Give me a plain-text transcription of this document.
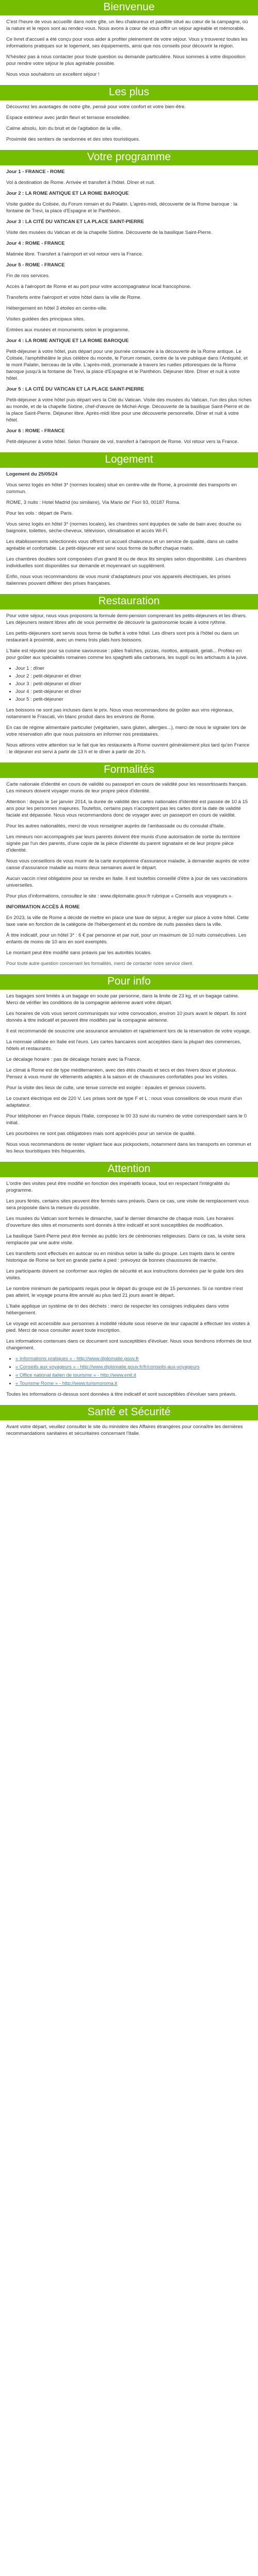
Bienvenue

C'est l'heure de vous accueillir dans notre gîte, un lieu chaleureux et paisible situé au cœur de la campagne, où la nature et le repos sont au rendez-vous. Nous avons à cœur de vous offrir un séjour agréable et mémorable.

Ce livret d'accueil a été conçu pour vous aider à profiter pleinement de votre séjour. Vous y trouverez toutes les informations pratiques sur le logement, ses équipements, ainsi que nos conseils pour découvrir la région.

N'hésitez pas à nous contacter pour toute question ou demande particulière. Nous sommes à votre disposition pour rendre votre séjour le plus agréable possible.

Nous vous souhaitons un excellent séjour !

Les plus

Découvrez les avantages de notre gîte, pensé pour votre confort et votre bien-être.

Espace extérieur avec jardin fleuri et terrasse ensoleillée.

Calme absolu, loin du bruit et de l'agitation de la ville.

Proximité des sentiers de randonnée et des sites touristiques.

Votre programme

Jour 1 - FRANCE - ROME

Vol à destination de Rome. Arrivée et transfert à l'hôtel. Dîner et nuit.

Jour 2 : LA ROME ANTIQUE ET LA ROME BAROQUE

Visite guidée du Colisée, du Forum romain et du Palatin. L'après-midi, découverte de la Rome baroque : la fontaine de Trevi, la place d'Espagne et le Panthéon.

Jour 3 : LA CITÉ DU VATICAN ET LA PLACE SAINT-PIERRE

Visite des musées du Vatican et de la chapelle Sixtine. Découverte de la basilique Saint-Pierre.

Jour 4 : ROME - FRANCE

Matinée libre. Transfert à l'aéroport et vol retour vers la France.

Jour 5 - ROME - FRANCE

Fin de nos services.

Accès à l'aéroport de Rome et au port pour votre accompagnateur local francophone.

Transferts entre l'aéroport et votre hôtel dans la ville de Rome.

Hébergement en hôtel 3 étoiles en centre-ville.

Visites guidées des principaux sites.

Entrées aux musées et monuments selon le programme.

Jour 4 : LA ROME ANTIQUE ET LA ROME BAROQUE

Petit-déjeuner à votre hôtel, puis départ pour une journée consacrée à la découverte de la Rome antique. Le Colisée, l'amphithéâtre le plus célèbre du monde, le Forum romain, centre de la vie publique dans l'Antiquité, et le mont Palatin, berceau de la ville. L'après-midi, promenade à travers les ruelles pittoresques de la Rome baroque jusqu'à la fontaine de Trevi, la place d'Espagne et le Panthéon. Déjeuner libre. Dîner et nuit à votre hôtel.

Jour 5 : LA CITÉ DU VATICAN ET LA PLACE SAINT-PIERRE

Petit-déjeuner à votre hôtel puis départ vers la Cité du Vatican. Visite des musées du Vatican, l'un des plus riches au monde, et de la chapelle Sixtine, chef-d'œuvre de Michel-Ange. Découverte de la basilique Saint-Pierre et de la place Saint-Pierre. Déjeuner libre. Après-midi libre pour une découverte personnelle. Dîner et nuit à votre hôtel.

Jour 6 : ROME - FRANCE

Petit-déjeuner à votre hôtel. Selon l'horaire de vol, transfert à l'aéroport de Rome. Vol retour vers la France.

Logement

Logement du 25/05/24

Vous serez logés en hôtel 3* (normes locales) situé en centre-ville de Rome, à proximité des transports en commun.

ROME, 3 nuits : Hotel Madrid (ou similaire), Via Mario de' Fiori 93, 00187 Roma.

Pour les vols : départ de Paris.

Vous serez logés en hôtel 3* (normes locales), les chambres sont équipées de salle de bain avec douche ou baignoire, toilettes, sèche-cheveux, télévision, climatisation et accès Wi-Fi.

Les établissements sélectionnés vous offrent un accueil chaleureux et un service de qualité, dans un cadre agréable et confortable. Le petit-déjeuner est servi sous forme de buffet chaque matin.

Les chambres doubles sont composées d'un grand lit ou de deux lits simples selon disponibilité. Les chambres individuelles sont disponibles sur demande et moyennant un supplément.

Enfin, nous vous recommandons de vous munir d'adaptateurs pour vos appareils électriques, les prises italiennes pouvant différer des prises françaises.

Restauration

Pour votre séjour, nous vous proposons la formule demi-pension comprenant les petits-déjeuners et les dîners. Les déjeuners restent libres afin de vous permettre de découvrir la gastronomie locale à votre rythme.

Les petits-déjeuners sont servis sous forme de buffet à votre hôtel. Les dîners sont pris à l'hôtel ou dans un restaurant à proximité, avec un menu trois plats hors boissons.

L'Italie est réputée pour sa cuisine savoureuse : pâtes fraîches, pizzas, risottos, antipasti, gelati... Profitez-en pour goûter aux spécialités romaines comme les spaghetti alla carbonara, les supplì ou les artichauts à la juive.

• Jour 1 : dîner
• Jour 2 : petit-déjeuner et dîner
• Jour 3 : petit-déjeuner et dîner
• Jour 4 : petit-déjeuner et dîner
• Jour 5 : petit-déjeuner

Les boissons ne sont pas incluses dans le prix. Nous vous recommandons de goûter aux vins régionaux, notamment le Frascati, vin blanc produit dans les environs de Rome.

En cas de régime alimentaire particulier (végétarien, sans gluten, allergies...), merci de nous le signaler lors de votre réservation afin que nous puissions en informer nos prestataires.

Nous attirons votre attention sur le fait que les restaurants à Rome ouvrent généralement plus tard qu'en France : le déjeuner est servi à partir de 13 h et le dîner à partir de 20 h.

Formalités

Carte nationale d'identité en cours de validité ou passeport en cours de validité pour les ressortissants français. Les mineurs doivent voyager munis de leur propre pièce d'identité.

Attention : depuis le 1er janvier 2014, la durée de validité des cartes nationales d'identité est passée de 10 à 15 ans pour les personnes majeures. Toutefois, certains pays n'acceptent pas les cartes dont la date de validité faciale est dépassée. Nous vous recommandons donc de voyager avec un passeport en cours de validité.

Pour les autres nationalités, merci de vous renseigner auprès de l'ambassade ou du consulat d'Italie.

Les mineurs non accompagnés par leurs parents doivent être munis d'une autorisation de sortie du territoire signée par l'un des parents, d'une copie de la pièce d'identité du parent signataire et de leur propre pièce d'identité.

Nous vous conseillons de vous munir de la carte européenne d'assurance maladie, à demander auprès de votre caisse d'assurance maladie au moins deux semaines avant le départ.

Aucun vaccin n'est obligatoire pour se rendre en Italie. Il est toutefois conseillé d'être à jour de ses vaccinations universelles.

Pour plus d'informations, consultez le site : www.diplomatie.gouv.fr rubrique « Conseils aux voyageurs ».

INFORMATION ACCÈS À ROME

En 2023, la ville de Rome a décidé de mettre en place une taxe de séjour, à régler sur place à votre hôtel. Cette taxe varie en fonction de la catégorie de l'hébergement et du nombre de nuits passées dans la ville.

À titre indicatif, pour un hôtel 3* : 6 € par personne et par nuit, pour un maximum de 10 nuits consécutives. Les enfants de moins de 10 ans en sont exemptés.

Le montant peut être modifié sans préavis par les autorités locales.

Pour toute autre question concernant les formalités, merci de contacter notre service client.

Pour info

Les bagages sont limités à un bagage en soute par personne, dans la limite de 23 kg, et un bagage cabine. Merci de vérifier les conditions de la compagnie aérienne avant votre départ.

Les horaires de vols vous seront communiqués sur votre convocation, environ 10 jours avant le départ. Ils sont donnés à titre indicatif et peuvent être modifiés par la compagnie aérienne.

Il est recommandé de souscrire une assurance annulation et rapatriement lors de la réservation de votre voyage.

La monnaie utilisée en Italie est l'euro. Les cartes bancaires sont acceptées dans la plupart des commerces, hôtels et restaurants.

Le décalage horaire : pas de décalage horaire avec la France.

Le climat à Rome est de type méditerranéen, avec des étés chauds et secs et des hivers doux et pluvieux. Pensez à vous munir de vêtements adaptés à la saison et de chaussures confortables pour les visites.

Pour la visite des lieux de culte, une tenue correcte est exigée : épaules et genoux couverts.

Le courant électrique est de 220 V. Les prises sont de type F et L : nous vous conseillons de vous munir d'un adaptateur.

Pour téléphoner en France depuis l'Italie, composez le 00 33 suivi du numéro de votre correspondant sans le 0 initial.

Les pourboires ne sont pas obligatoires mais sont appréciés pour un service de qualité.

Nous vous recommandons de rester vigilant face aux pickpockets, notamment dans les transports en commun et les lieux touristiques très fréquentés.

Attention

L'ordre des visites peut être modifié en fonction des impératifs locaux, tout en respectant l'intégralité du programme.

Les jours fériés, certains sites peuvent être fermés sans préavis. Dans ce cas, une visite de remplacement vous sera proposée dans la mesure du possible.

Les musées du Vatican sont fermés le dimanche, sauf le dernier dimanche de chaque mois. Les horaires d'ouverture des sites et monuments sont donnés à titre indicatif et sont susceptibles de modification.

La basilique Saint-Pierre peut être fermée au public lors de cérémonies religieuses. Dans ce cas, la visite sera remplacée par une autre visite.

Les transferts sont effectués en autocar ou en minibus selon la taille du groupe. Les trajets dans le centre historique de Rome se font en grande partie à pied : prévoyez de bonnes chaussures de marche.

Les participants doivent se conformer aux règles de sécurité et aux instructions données par le guide lors des visites.

Le nombre minimum de participants requis pour le départ du groupe est de 15 personnes. Si ce nombre n'est pas atteint, le voyage pourra être annulé au plus tard 21 jours avant le départ.

L'Italie applique un système de tri des déchets : merci de respecter les consignes indiquées dans votre hébergement.

Le voyage est accessible aux personnes à mobilité réduite sous réserve de leur capacité à effectuer les visites à pied. Merci de nous consulter avant toute inscription.

Les informations contenues dans ce document sont susceptibles d'évoluer. Nous vous tiendrons informés de tout changement.

• « Informations pratiques » - http://www.diplomatie.gouv.fr
• « Conseils aux voyageurs » - http://www.diplomatie.gouv.fr/fr/conseils-aux-voyageurs
• « Office national italien de tourisme » - http://www.enit.it
• « Tourisme Rome » - http://www.turismoroma.it

Toutes les informations ci-dessus sont données à titre indicatif et sont susceptibles d'évoluer sans préavis.

Santé et Sécurité

Avant votre départ, veuillez consulter le site du ministère des Affaires étrangères pour connaître les dernières recommandations sanitaires et sécuritaires concernant l'Italie.
